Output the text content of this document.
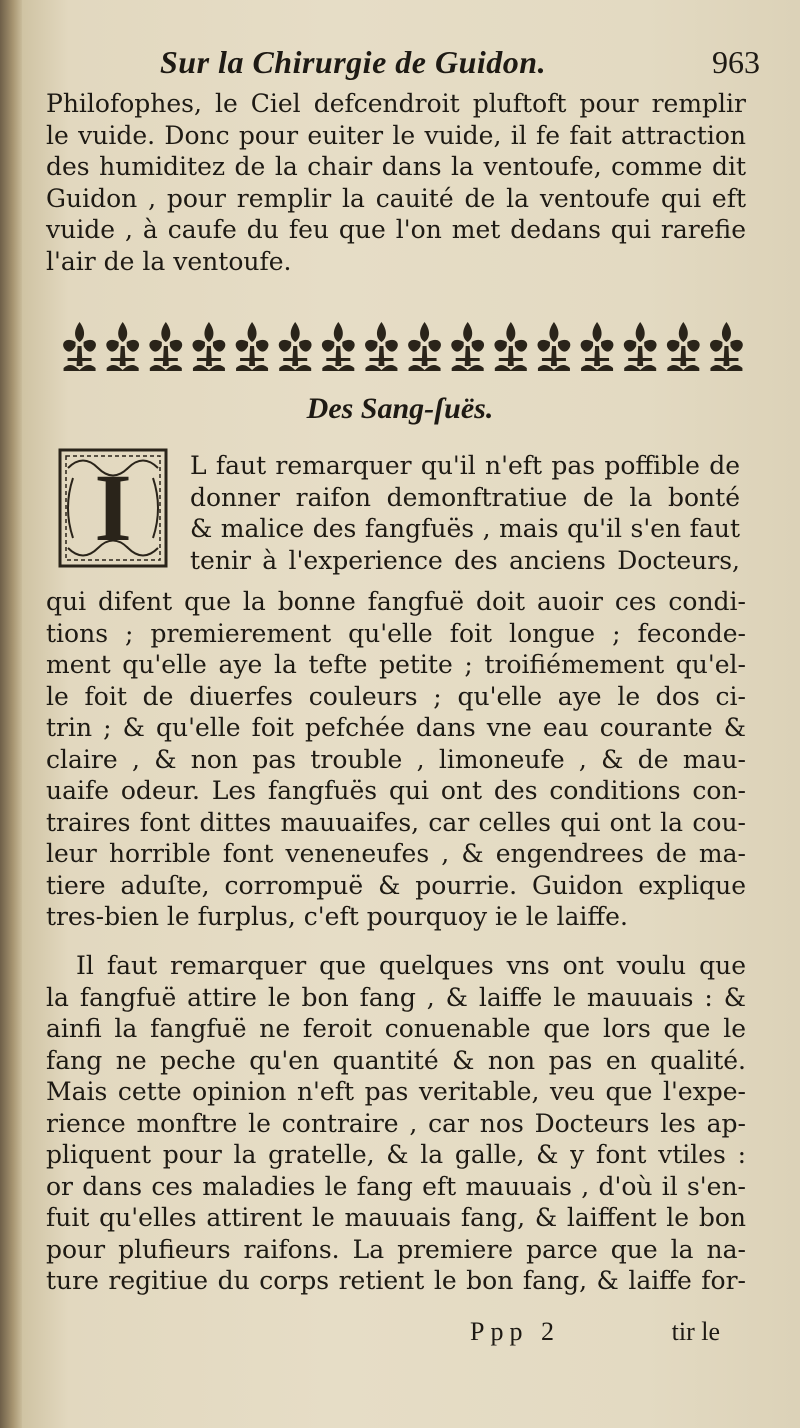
Sur la Chirurgie de Guidon.	963
Philofophes, le Ciel defcendroit pluftoft pour remplir
le vuide. Donc pour euiter le vuide, il fe fait attraction
des humiditez de la chair dans la ventoufe, comme dit
Guidon , pour remplir la cauité de la ventoufe qui eft
vuide , à caufe du feu que l'on met dedans qui rarefie
l'air de la ventoufe.
Des Sang-ſuës.
I	L faut remarquer qu'il n'eft pas poffible de
donner raifon demonftratiue de la bonté
& malice des fangfuës , mais qu'il s'en faut
tenir à l'experience des anciens Docteurs,
qui difent que la bonne fangfuë doit auoir ces condi-
tions ; premierement qu'elle foit longue ; feconde-
ment qu'elle aye la tefte petite ; troifiémement qu'el-
le foit de diuerfes couleurs ; qu'elle aye le dos ci-
trin ; & qu'elle foit pefchée dans vne eau courante &
claire , & non pas trouble , limoneufe , & de mau-
uaife odeur. Les fangfuës qui ont des conditions con-
traires font dittes mauuaifes, car celles qui ont la cou-
leur horrible font veneneufes , & engendrees de ma-
tiere aduſte, corrompuë & pourrie. Guidon explique
tres-bien le furplus, c'eft pourquoy ie le laiffe.
Il faut remarquer que quelques vns ont voulu que
la fangfuë attire le bon fang , & laiffe le mauuais : &
ainfi la fangfuë ne feroit conuenable que lors que le
fang ne peche qu'en quantité & non pas en qualité.
Mais cette opinion n'eft pas veritable, veu que l'expe-
rience monftre le contraire , car nos Docteurs les ap-
pliquent pour la gratelle, & la galle, & y font vtiles :
or dans ces maladies le fang eft mauuais , d'où il s'en-
fuit qu'elles attirent le mauuais fang, & laiffent le bon
pour plufieurs raifons. La premiere parce que la na-
ture regitiue du corps retient le bon fang, & laiffe for-
Ppp 2	tir le
